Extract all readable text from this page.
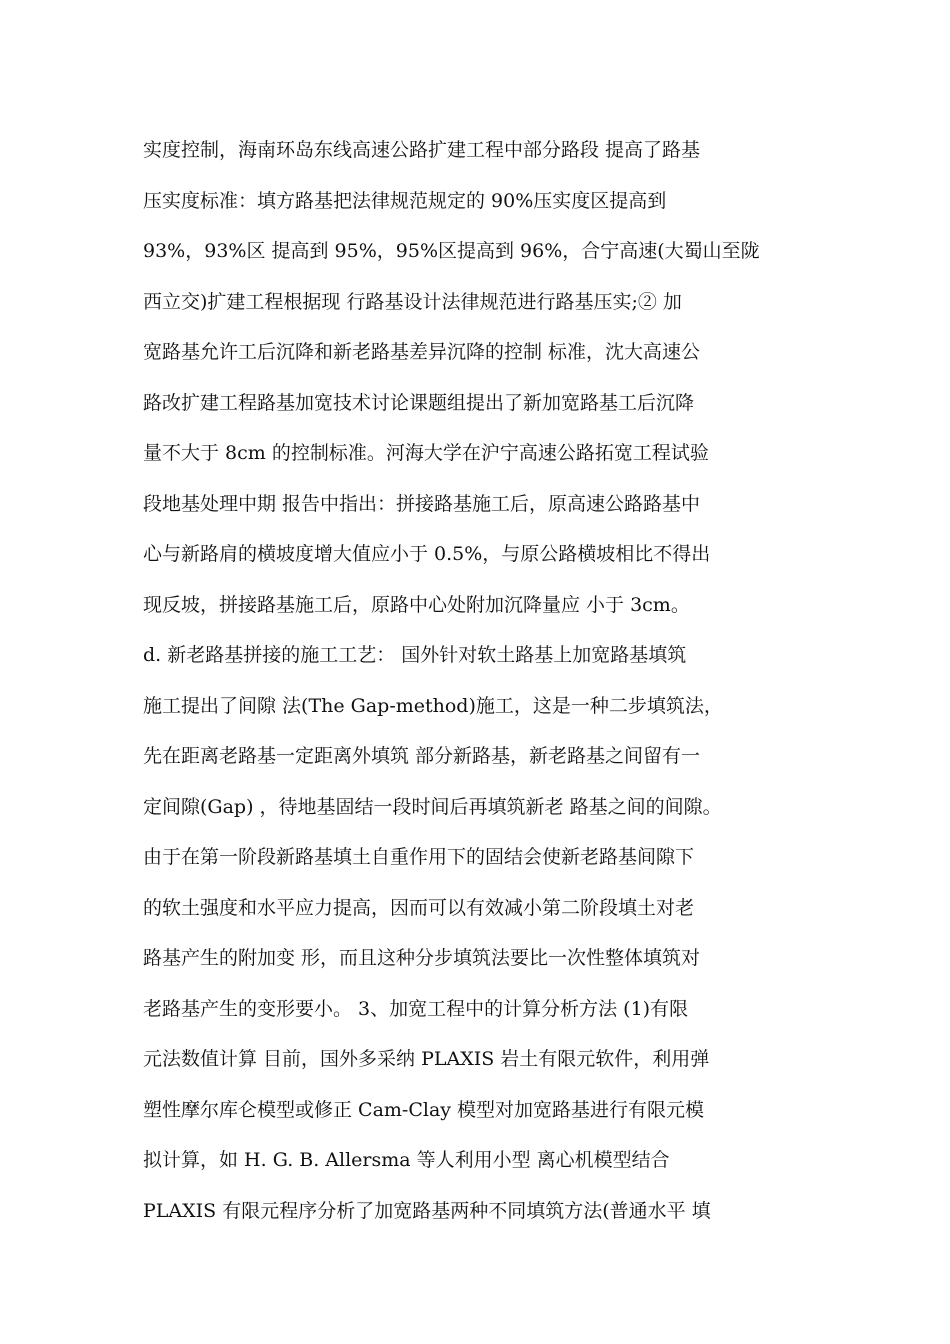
实度控制，海南环岛东线高速公路扩建工程中部分路段 提高了路基
压实度标准：填方路基把法律规范规定的 90%压实度区提高到
93%，93%区 提高到 95%，95%区提高到 96%，合宁高速(大蜀山至陇
西立交)扩建工程根据现 行路基设计法律规范进行路基压实;② 加
宽路基允许工后沉降和新老路基差异沉降的控制 标准，沈大高速公
路改扩建工程路基加宽技术讨论课题组提出了新加宽路基工后沉降
量不大于 8cm 的控制标准。河海大学在沪宁高速公路拓宽工程试验
段地基处理中期 报告中指出：拼接路基施工后，原高速公路路基中
心与新路肩的横坡度增大值应小于 0.5%，与原公路横坡相比不得出
现反坡，拼接路基施工后，原路中心处附加沉降量应 小于 3cm。
d. 新老路基拼接的施工工艺： 国外针对软土路基上加宽路基填筑
施工提出了间隙 法(The Gap-method)施工，这是一种二步填筑法，
先在距离老路基一定距离外填筑 部分新路基，新老路基之间留有一
定间隙(Gap) ，待地基固结一段时间后再填筑新老 路基之间的间隙。
由于在第一阶段新路基填土自重作用下的固结会使新老路基间隙下
的软土强度和水平应力提高，因而可以有效减小第二阶段填土对老
路基产生的附加变 形，而且这种分步填筑法要比一次性整体填筑对
老路基产生的变形要小。 3、加宽工程中的计算分析方法 (1)有限
元法数值计算 目前，国外多采纳 PLAXIS 岩土有限元软件，利用弹
塑性摩尔库仑模型或修正 Cam-Clay 模型对加宽路基进行有限元模
拟计算，如 H. G. B. Allersma 等人利用小型 离心机模型结合
PLAXIS 有限元程序分析了加宽路基两种不同填筑方法(普通水平 填
